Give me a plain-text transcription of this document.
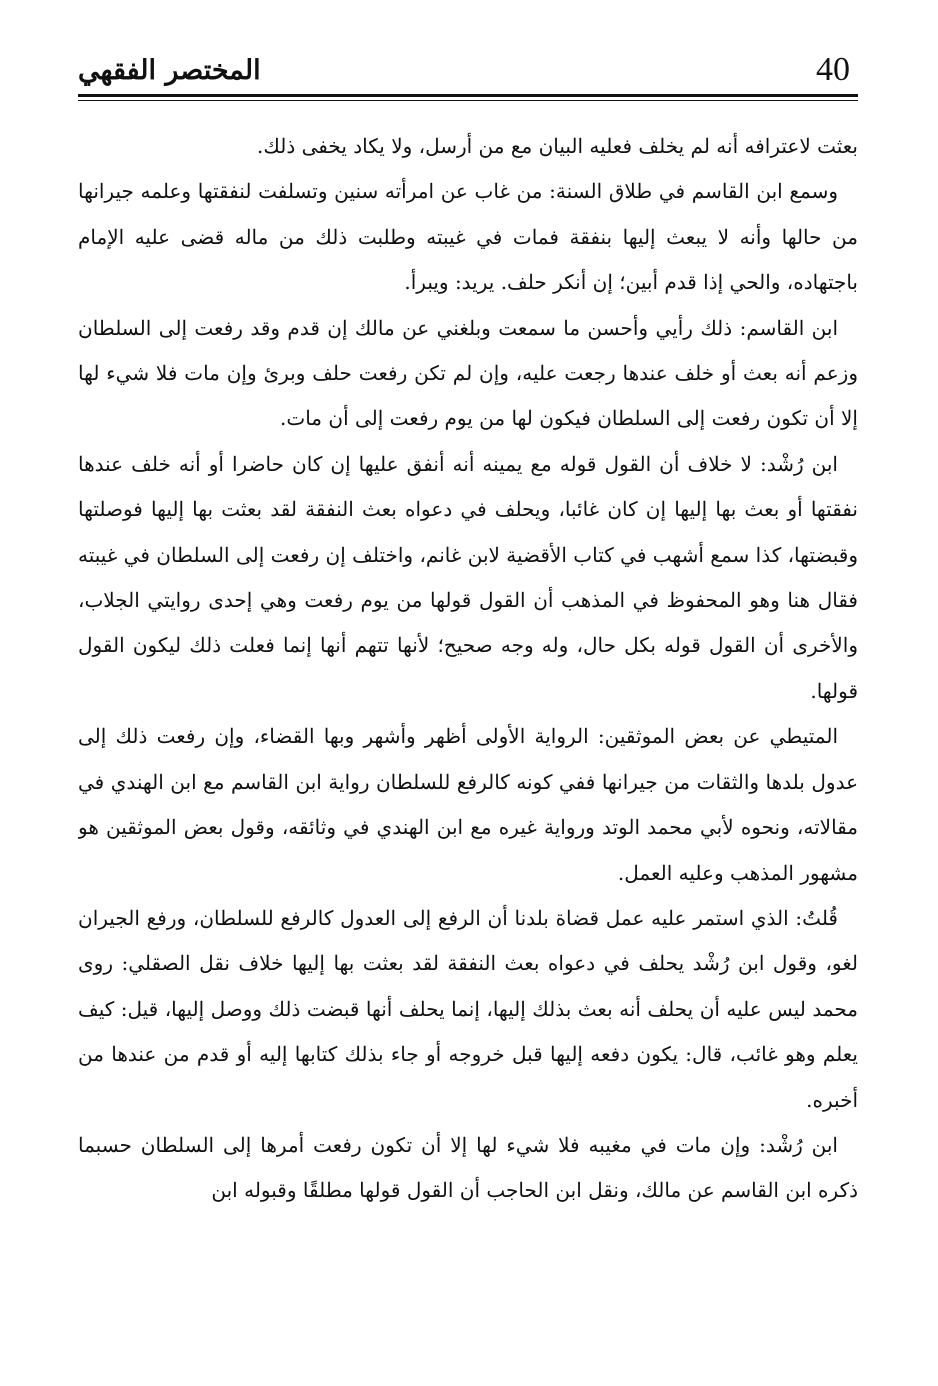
40
المختصر الفقهي

بعثت لاعترافه أنه لم يخلف فعليه البيان مع من أرسل، ولا يكاد يخفى ذلك.

وسمع ابن القاسم في طلاق السنة: من غاب عن امرأته سنين وتسلفت لنفقتها وعلمه جيرانها من حالها وأنه لا يبعث إليها بنفقة فمات في غيبته وطلبت ذلك من ماله قضى عليه الإمام باجتهاده، والحي إذا قدم أبين؛ إن أنكر حلف. يريد: ويبرأ.

ابن القاسم: ذلك رأيي وأحسن ما سمعت وبلغني عن مالك إن قدم وقد رفعت إلى السلطان وزعم أنه بعث أو خلف عندها رجعت عليه، وإن لم تكن رفعت حلف وبرئ وإن مات فلا شيء لها إلا أن تكون رفعت إلى السلطان فيكون لها من يوم رفعت إلى أن مات.

ابن رُشْد: لا خلاف أن القول قوله مع يمينه أنه أنفق عليها إن كان حاضرا أو أنه خلف عندها نفقتها أو بعث بها إليها إن كان غائبا، ويحلف في دعواه بعث النفقة لقد بعثت بها إليها فوصلتها وقبضتها، كذا سمع أشهب في كتاب الأقضية لابن غانم، واختلف إن رفعت إلى السلطان في غيبته فقال هنا وهو المحفوظ في المذهب أن القول قولها من يوم رفعت وهي إحدى روايتي الجلاب، والأخرى أن القول قوله بكل حال، وله وجه صحيح؛ لأنها تتهم أنها إنما فعلت ذلك ليكون القول قولها.

المتيطي عن بعض الموثقين: الرواية الأولى أظهر وأشهر وبها القضاء، وإن رفعت ذلك إلى عدول بلدها والثقات من جيرانها ففي كونه كالرفع للسلطان رواية ابن القاسم مع ابن الهندي في مقالاته، ونحوه لأبي محمد الوتد ورواية غيره مع ابن الهندي في وثائقه، وقول بعض الموثقين هو مشهور المذهب وعليه العمل.

قُلتُ: الذي استمر عليه عمل قضاة بلدنا أن الرفع إلى العدول كالرفع للسلطان، ورفع الجيران لغو، وقول ابن رُشْد يحلف في دعواه بعث النفقة لقد بعثت بها إليها خلاف نقل الصقلي: روى محمد ليس عليه أن يحلف أنه بعث بذلك إليها، إنما يحلف أنها قبضت ذلك ووصل إليها، قيل: كيف يعلم وهو غائب، قال: يكون دفعه إليها قبل خروجه أو جاء بذلك كتابها إليه أو قدم من عندها من أخبره.

ابن رُشْد: وإن مات في مغيبه فلا شيء لها إلا أن تكون رفعت أمرها إلى السلطان حسبما ذكره ابن القاسم عن مالك، ونقل ابن الحاجب أن القول قولها مطلقًا وقبوله ابن
